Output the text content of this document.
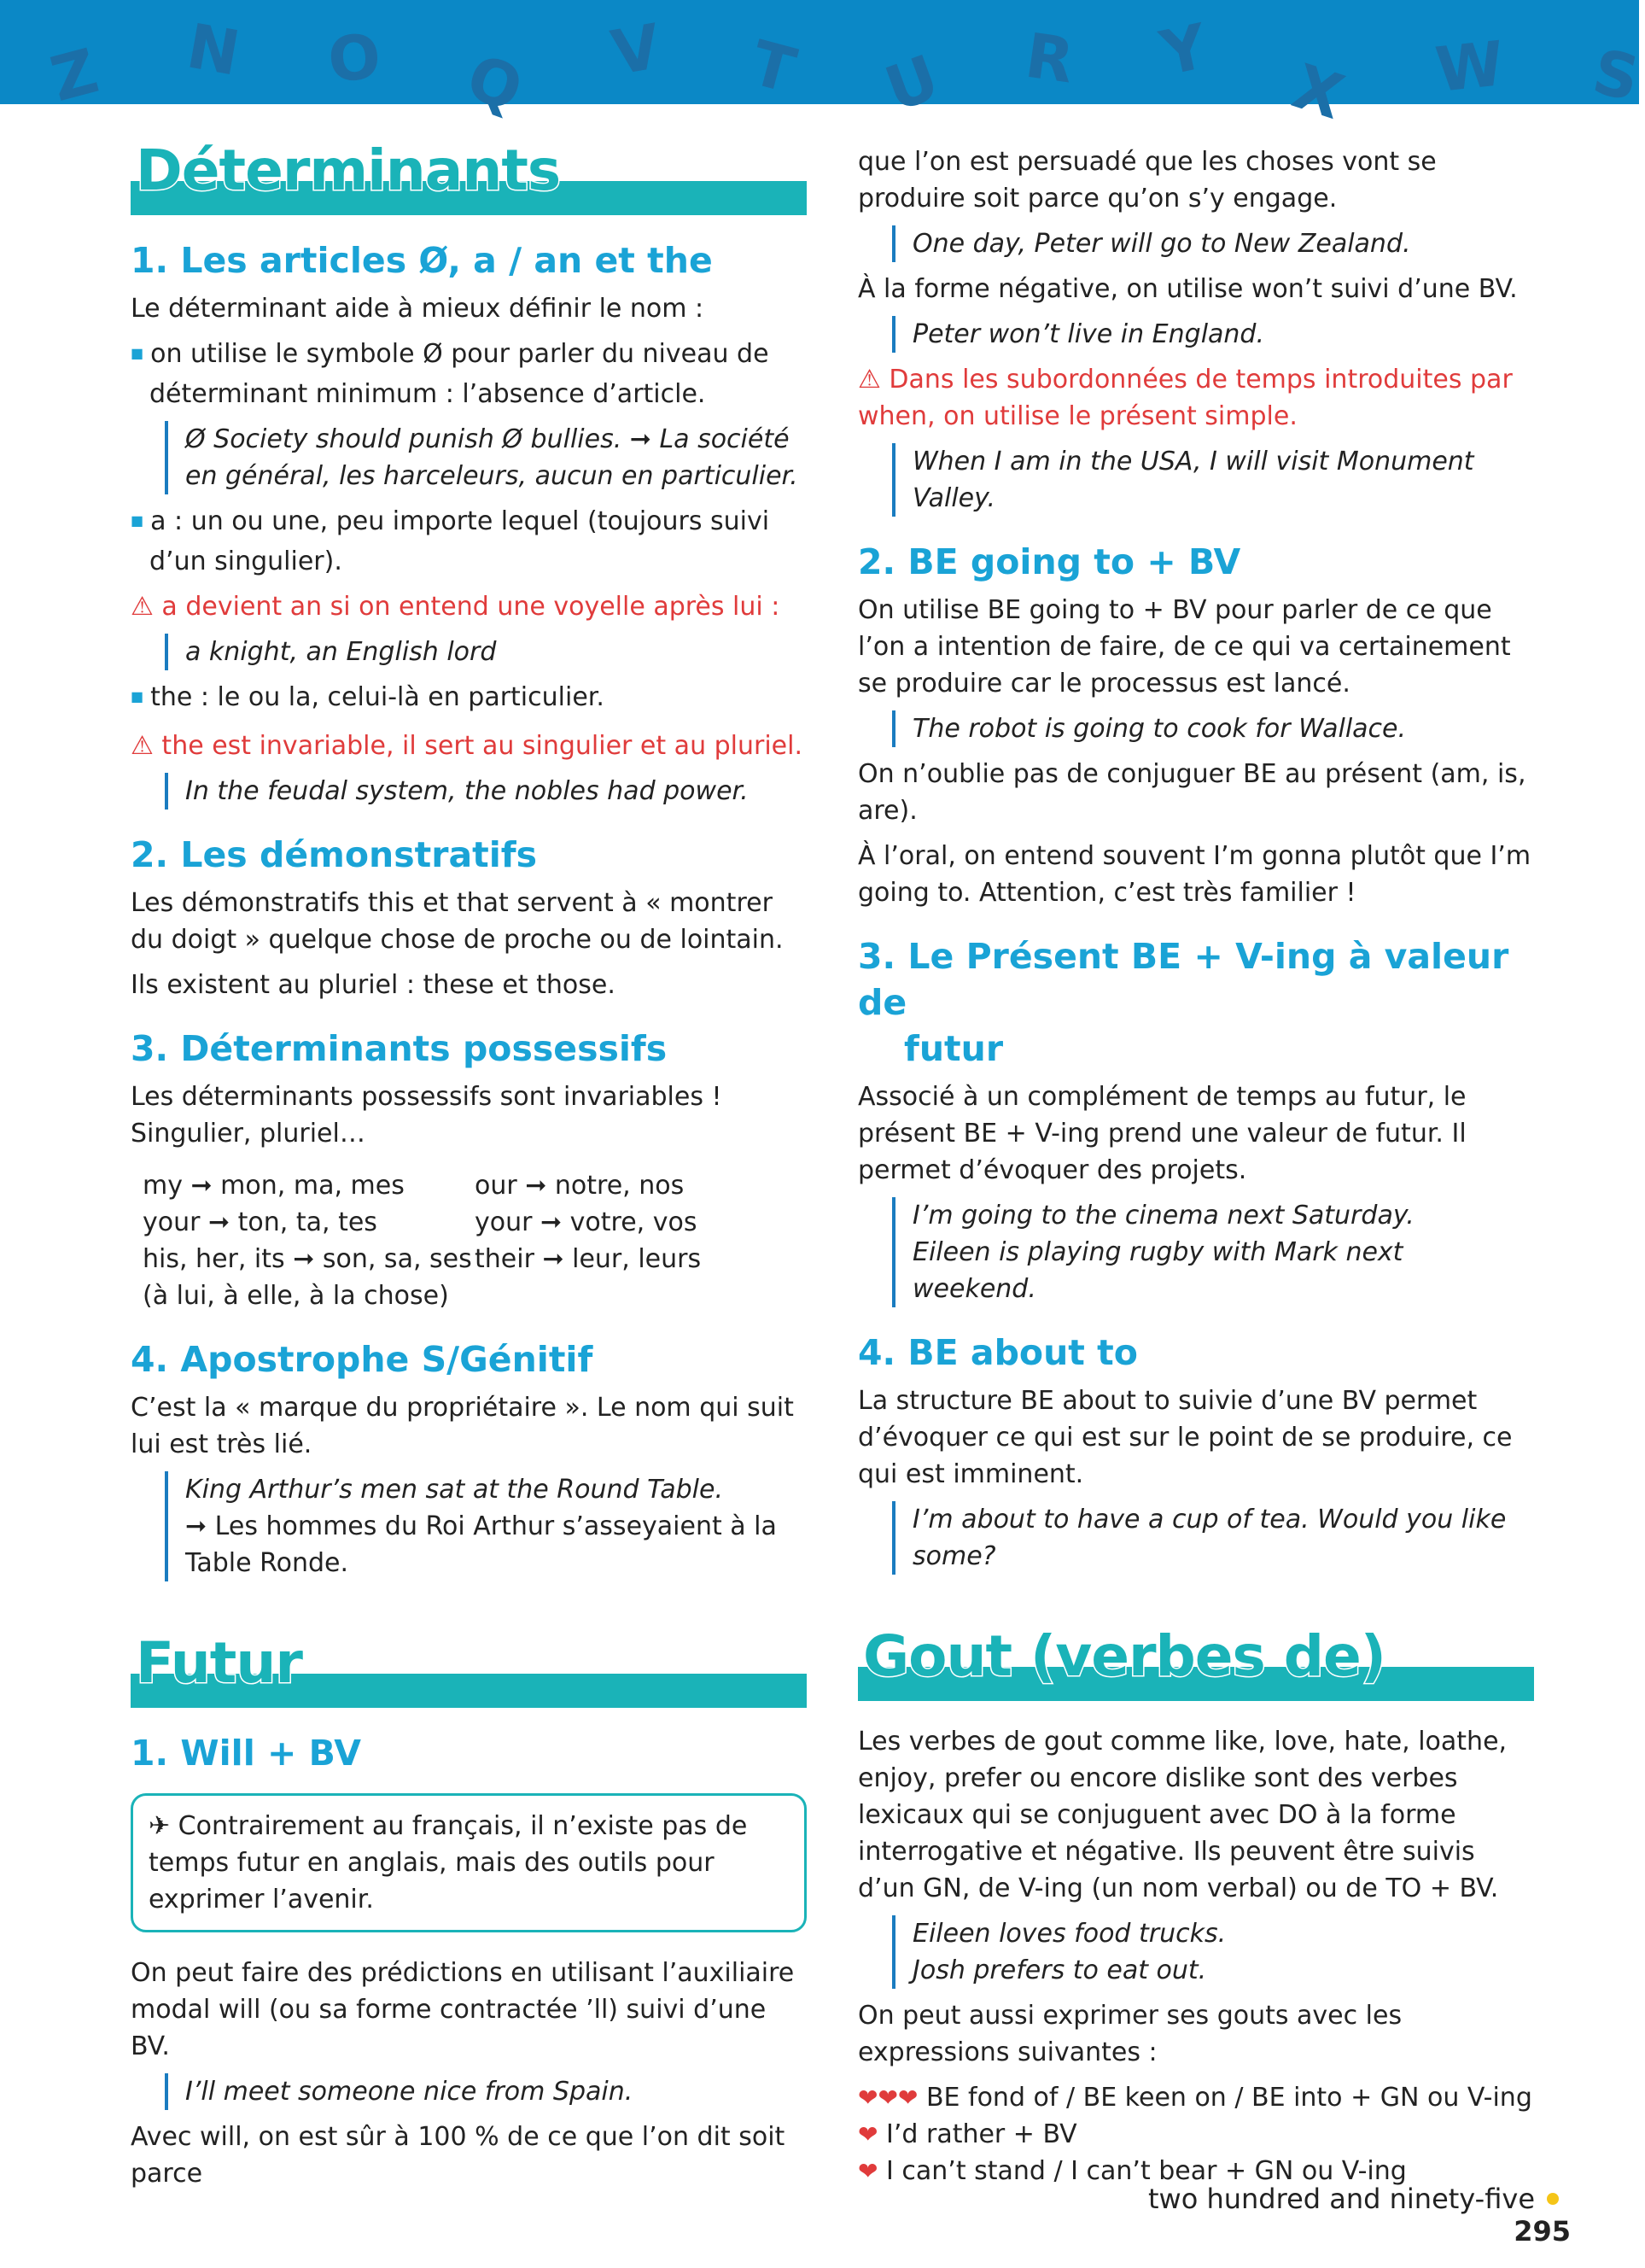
Z N O Q V T U R Y
X W S
Déterminants
1. Les articles Ø, a / an et the

Le déterminant aide à mieux définir le nom :

■ on utilise le symbole Ø pour parler du niveau de déterminant minimum : l’absence d’article.

Ø Society should punish Ø bullies. ➞ La société en général, les harceleurs, aucun en particulier.

■ a : un ou une, peu importe lequel (toujours suivi d’un singulier).

⚠ a devient an si on entend une voyelle après lui :

a knight, an English lord

■ the : le ou la, celui-là en particulier.

⚠ the est invariable, il sert au singulier et au pluriel.

In the feudal system, the nobles had power.
2. Les démonstratifs

Les démonstratifs this et that servent à « montrer du doigt » quelque chose de proche ou de lointain.

Ils existent au pluriel : these et those.

3. Déterminants possessifs

Les déterminants possessifs sont invariables ! Singulier, pluriel…

my ➞ mon, ma, mes
your ➞ ton, ta, tes
his, her, its ➞ son, sa, ses
(à lui, à elle, à la chose)
our ➞ notre, nos
your ➞ votre, vos
their ➞ leur, leurs
4. Apostrophe S/Génitif

C’est la « marque du propriétaire ». Le nom qui suit lui est très lié.

King Arthur’s men sat at the Round Table.
➞ Les hommes du Roi Arthur s’asseyaient à la Table Ronde.
Futur
1. Will + BV
✈ Contrairement au français, il n’existe pas de temps futur en anglais, mais des outils pour exprimer l’avenir.

On peut faire des prédictions en utilisant l’auxiliaire modal will (ou sa forme contractée ’ll) suivi d’une BV.

I’ll meet someone nice from Spain.

Avec will, on est sûr à 100 % de ce que l’on dit soit parce

que l’on est persuadé que les choses vont se produire soit parce qu’on s’y engage.

One day, Peter will go to New Zealand.

À la forme négative, on utilise won’t suivi d’une BV.

Peter won’t live in England.

⚠ Dans les subordonnées de temps introduites par when, on utilise le présent simple.

When I am in the USA, I will visit Monument Valley.
2. BE going to + BV

On utilise BE going to + BV pour parler de ce que l’on a intention de faire, de ce qui va certainement se produire car le processus est lancé.

The robot is going to cook for Wallace.

On n’oublie pas de conjuguer BE au présent (am, is, are).

À l’oral, on entend souvent I’m gonna plutôt que I’m going to. Attention, c’est très familier !

3. Le Présent BE + V-ing à valeur de
futur

Associé à un complément de temps au futur, le présent BE + V-ing prend une valeur de futur. Il permet d’évoquer des projets.

I’m going to the cinema next Saturday.
Eileen is playing rugby with Mark next weekend.
4. BE about to

La structure BE about to suivie d’une BV permet d’évoquer ce qui est sur le point de se produire, ce qui est imminent.

I’m about to have a cup of tea. Would you like some?
Gout (verbes de)

Les verbes de gout comme like, love, hate, loathe, enjoy, prefer ou encore dislike sont des verbes lexicaux qui se conjuguent avec DO à la forme interrogative et négative. Ils peuvent être suivis d’un GN, de V-ing (un nom verbal) ou de TO + BV.

Eileen loves food trucks.
Josh prefers to eat out.

On peut aussi exprimer ses gouts avec les expressions suivantes :

❤❤❤ BE fond of / BE keen on / BE into + GN ou V-ing
❤ I’d rather + BV
❤ I can’t stand / I can’t bear + GN ou V-ing
two hundred and ninety-five295
